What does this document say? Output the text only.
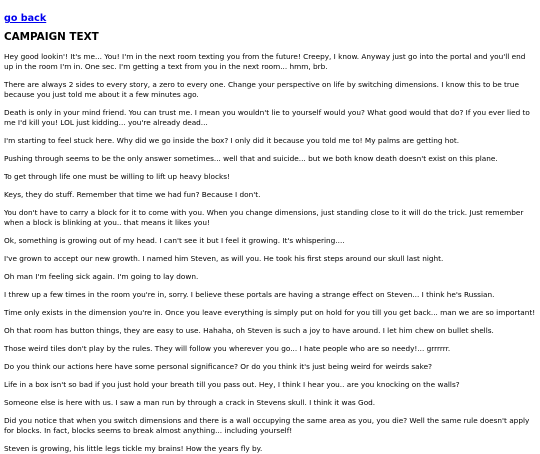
go back
CAMPAIGN TEXT

Hey good lookin'! It's me... You! I'm in the next room texting you from the future! Creepy, I know. Anyway just go into the portal and you'll end up in the room I'm in. One sec. I'm getting a text from you in the next room... hmm, brb.

There are always 2 sides to every story, a zero to every one. Change your perspective on life by switching dimensions. I know this to be true because you just told me about it a few minutes ago.

Death is only in your mind friend. You can trust me. I mean you wouldn't lie to yourself would you? What good would that do? If you ever lied to me I'd kill you! LOL just kidding... you're already dead...

I'm starting to feel stuck here. Why did we go inside the box? I only did it because you told me to! My palms are getting hot.

Pushing through seems to be the only answer sometimes... well that and suicide... but we both know death doesn't exist on this plane.

To get through life one must be willing to lift up heavy blocks!

Keys, they do stuff. Remember that time we had fun? Because I don't.

You don't have to carry a block for it to come with you. When you change dimensions, just standing close to it will do the trick. Just remember when a block is blinking at you.. that means it likes you!

Ok, something is growing out of my head. I can't see it but I feel it growing. It's whispering....

I've grown to accept our new growth. I named him Steven, as will you. He took his first steps around our skull last night.

Oh man I'm feeling sick again. I'm going to lay down.

I threw up a few times in the room you're in, sorry. I believe these portals are having a strange effect on Steven... I think he's Russian.

Time only exists in the dimension you're in. Once you leave everything is simply put on hold for you till you get back... man we are so important!

Oh that room has button things, they are easy to use. Hahaha, oh Steven is such a joy to have around. I let him chew on bullet shells.

Those weird tiles don't play by the rules. They will follow you wherever you go... I hate people who are so needy!... grrrrrr.

Do you think our actions here have some personal significance? Or do you think it's just being weird for weirds sake?

Life in a box isn't so bad if you just hold your breath till you pass out. Hey, I think I hear you.. are you knocking on the walls?

Someone else is here with us. I saw a man run by through a crack in Stevens skull. I think it was God.

Did you notice that when you switch dimensions and there is a wall occupying the same area as you, you die? Well the same rule doesn't apply for blocks. In fact, blocks seems to break almost anything... including yourself!

Steven is growing, his little legs tickle my brains! How the years fly by.
